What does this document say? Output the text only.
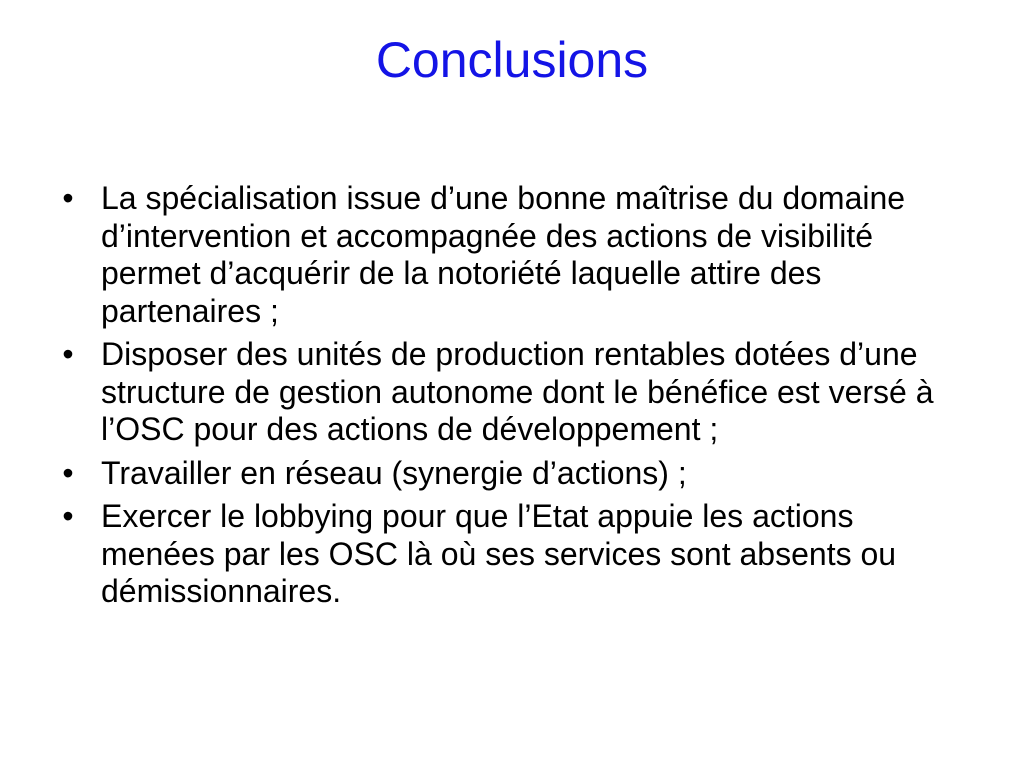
Conclusions
• La spécialisation issue d’une bonne maîtrise du domaine d’intervention et accompagnée des actions de visibilité permet d’acquérir de la notoriété laquelle attire des partenaires ;
• Disposer des unités de production rentables dotées d’une structure de gestion autonome dont le bénéfice est versé à l’OSC pour des actions de développement ;
• Travailler en réseau (synergie d’actions) ;
• Exercer le lobbying pour que l’Etat appuie les actions menées par les OSC là où ses services sont absents ou démissionnaires.
